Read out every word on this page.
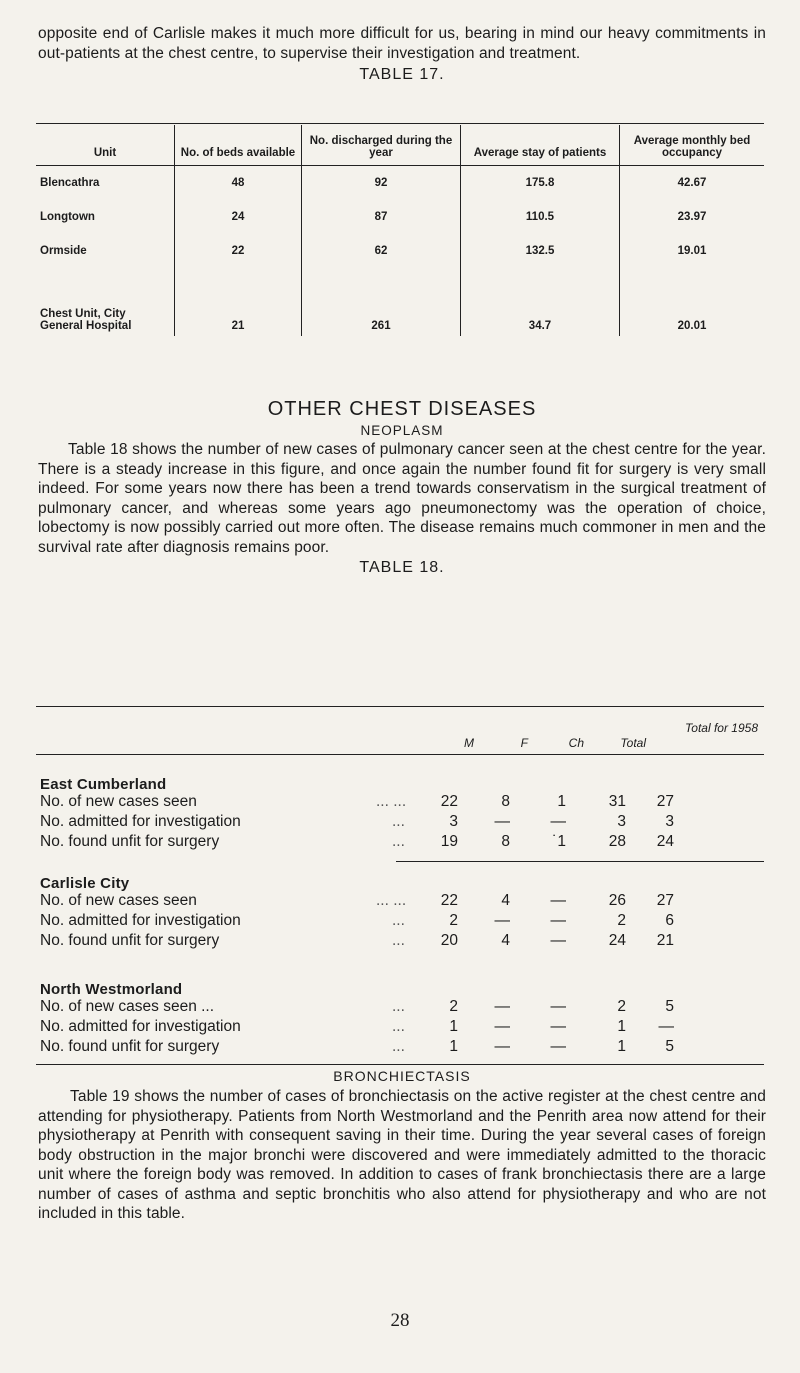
opposite end of Carlisle makes it much more difficult for us, bearing in mind our heavy commitments in out-patients at the chest centre, to supervise their investigation and treatment.

TABLE 17.

Unit	No. of beds available	No. discharged during the year	Average stay of patients	Average monthly bed occupancy
Blencathra	48	92	175.8	42.67
Longtown	24	87	110.5	23.97
Ormside	22	62	132.5	19.01
Chest Unit, City General Hospital	21	261	34.7	20.01

OTHER CHEST DISEASES

NEOPLASM

Table 18 shows the number of new cases of pulmonary cancer seen at the chest centre for the year. There is a steady increase in this figure, and once again the number found fit for surgery is very small indeed. For some years now there has been a trend towards conservatism in the surgical treatment of pulmonary cancer, and whereas some years ago pneumonectomy was the operation of choice, lobectomy is now possibly carried out more often. The disease remains much commoner in men and the survival rate after diagnosis remains poor.

TABLE 18.

M	F	Ch	Total
Total for 1958
East Cumberland
No. of new cases seen	... ...	22	8	1	31	27
No. admitted for investigation	...	3	—	—	3	3
No. found unfit for surgery	...	19	8	˙1	28	24
Carlisle City
No. of new cases seen	... ...	22	4	—	26	27
No. admitted for investigation	...	2	—	—	2	6
No. found unfit for surgery	...	20	4	—	24	21
North Westmorland
No. of new cases seen ...	...	2	—	—	2	5
No. admitted for investigation	...	1	—	—	1	—
No. found unfit for surgery	...	1	—	—	1	5

BRONCHIECTASIS

Table 19 shows the number of cases of bronchiectasis on the active register at the chest centre and attending for physiotherapy. Patients from North Westmorland and the Penrith area now attend for their physiotherapy at Penrith with consequent saving in their time. During the year several cases of foreign body obstruction in the major bronchi were discovered and were immediately admitted to the thoracic unit where the foreign body was removed. In addition to cases of frank bronchiectasis there are a large number of cases of asthma and septic bronchitis who also attend for physiotherapy and who are not included in this table.

28
